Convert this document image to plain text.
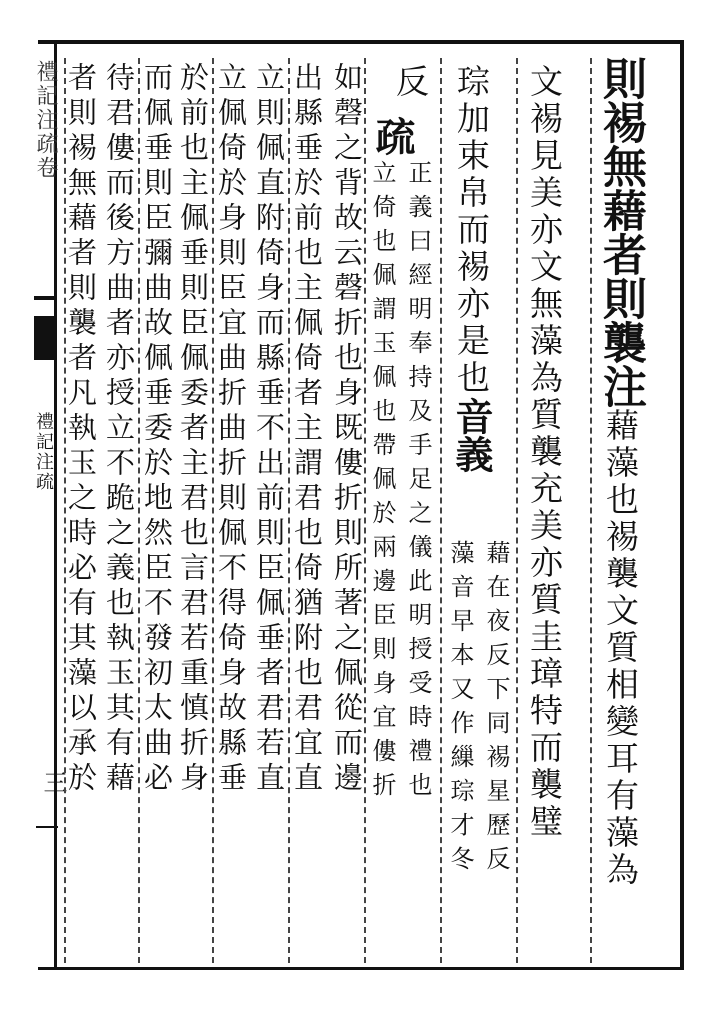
禮記注疏卷
禮記注疏
三
則裼無藉者則襲注藉藻也裼襲文質相變耳有藻為
文裼見美亦文無藻為質襲充美亦質圭璋特而襲璧
琮加束帛而裼亦是也音義
藉在夜反下同裼星歷反
藻音早本又作繅琮才冬
反
疏
正義曰經明奉持及手足之儀此明授受時禮也
立倚也佩謂玉佩也帶佩於兩邊臣則身宜僂折
如磬之背故云磬折也身既僂折則所著之佩從而邊
出縣垂於前也主佩倚者主謂君也倚猶附也君宜直
立則佩直附倚身而縣垂不出前則臣佩垂者君若直
立佩倚於身則臣宜曲折曲折則佩不得倚身故縣垂
於前也主佩垂則臣佩委者主君也言君若重慎折身
而佩垂則臣彌曲故佩垂委於地然臣不發初太曲必
待君僂而後方曲者亦授立不跪之義也執玉其有藉
者則裼無藉者則襲者凡執玉之時必有其藻以承於
